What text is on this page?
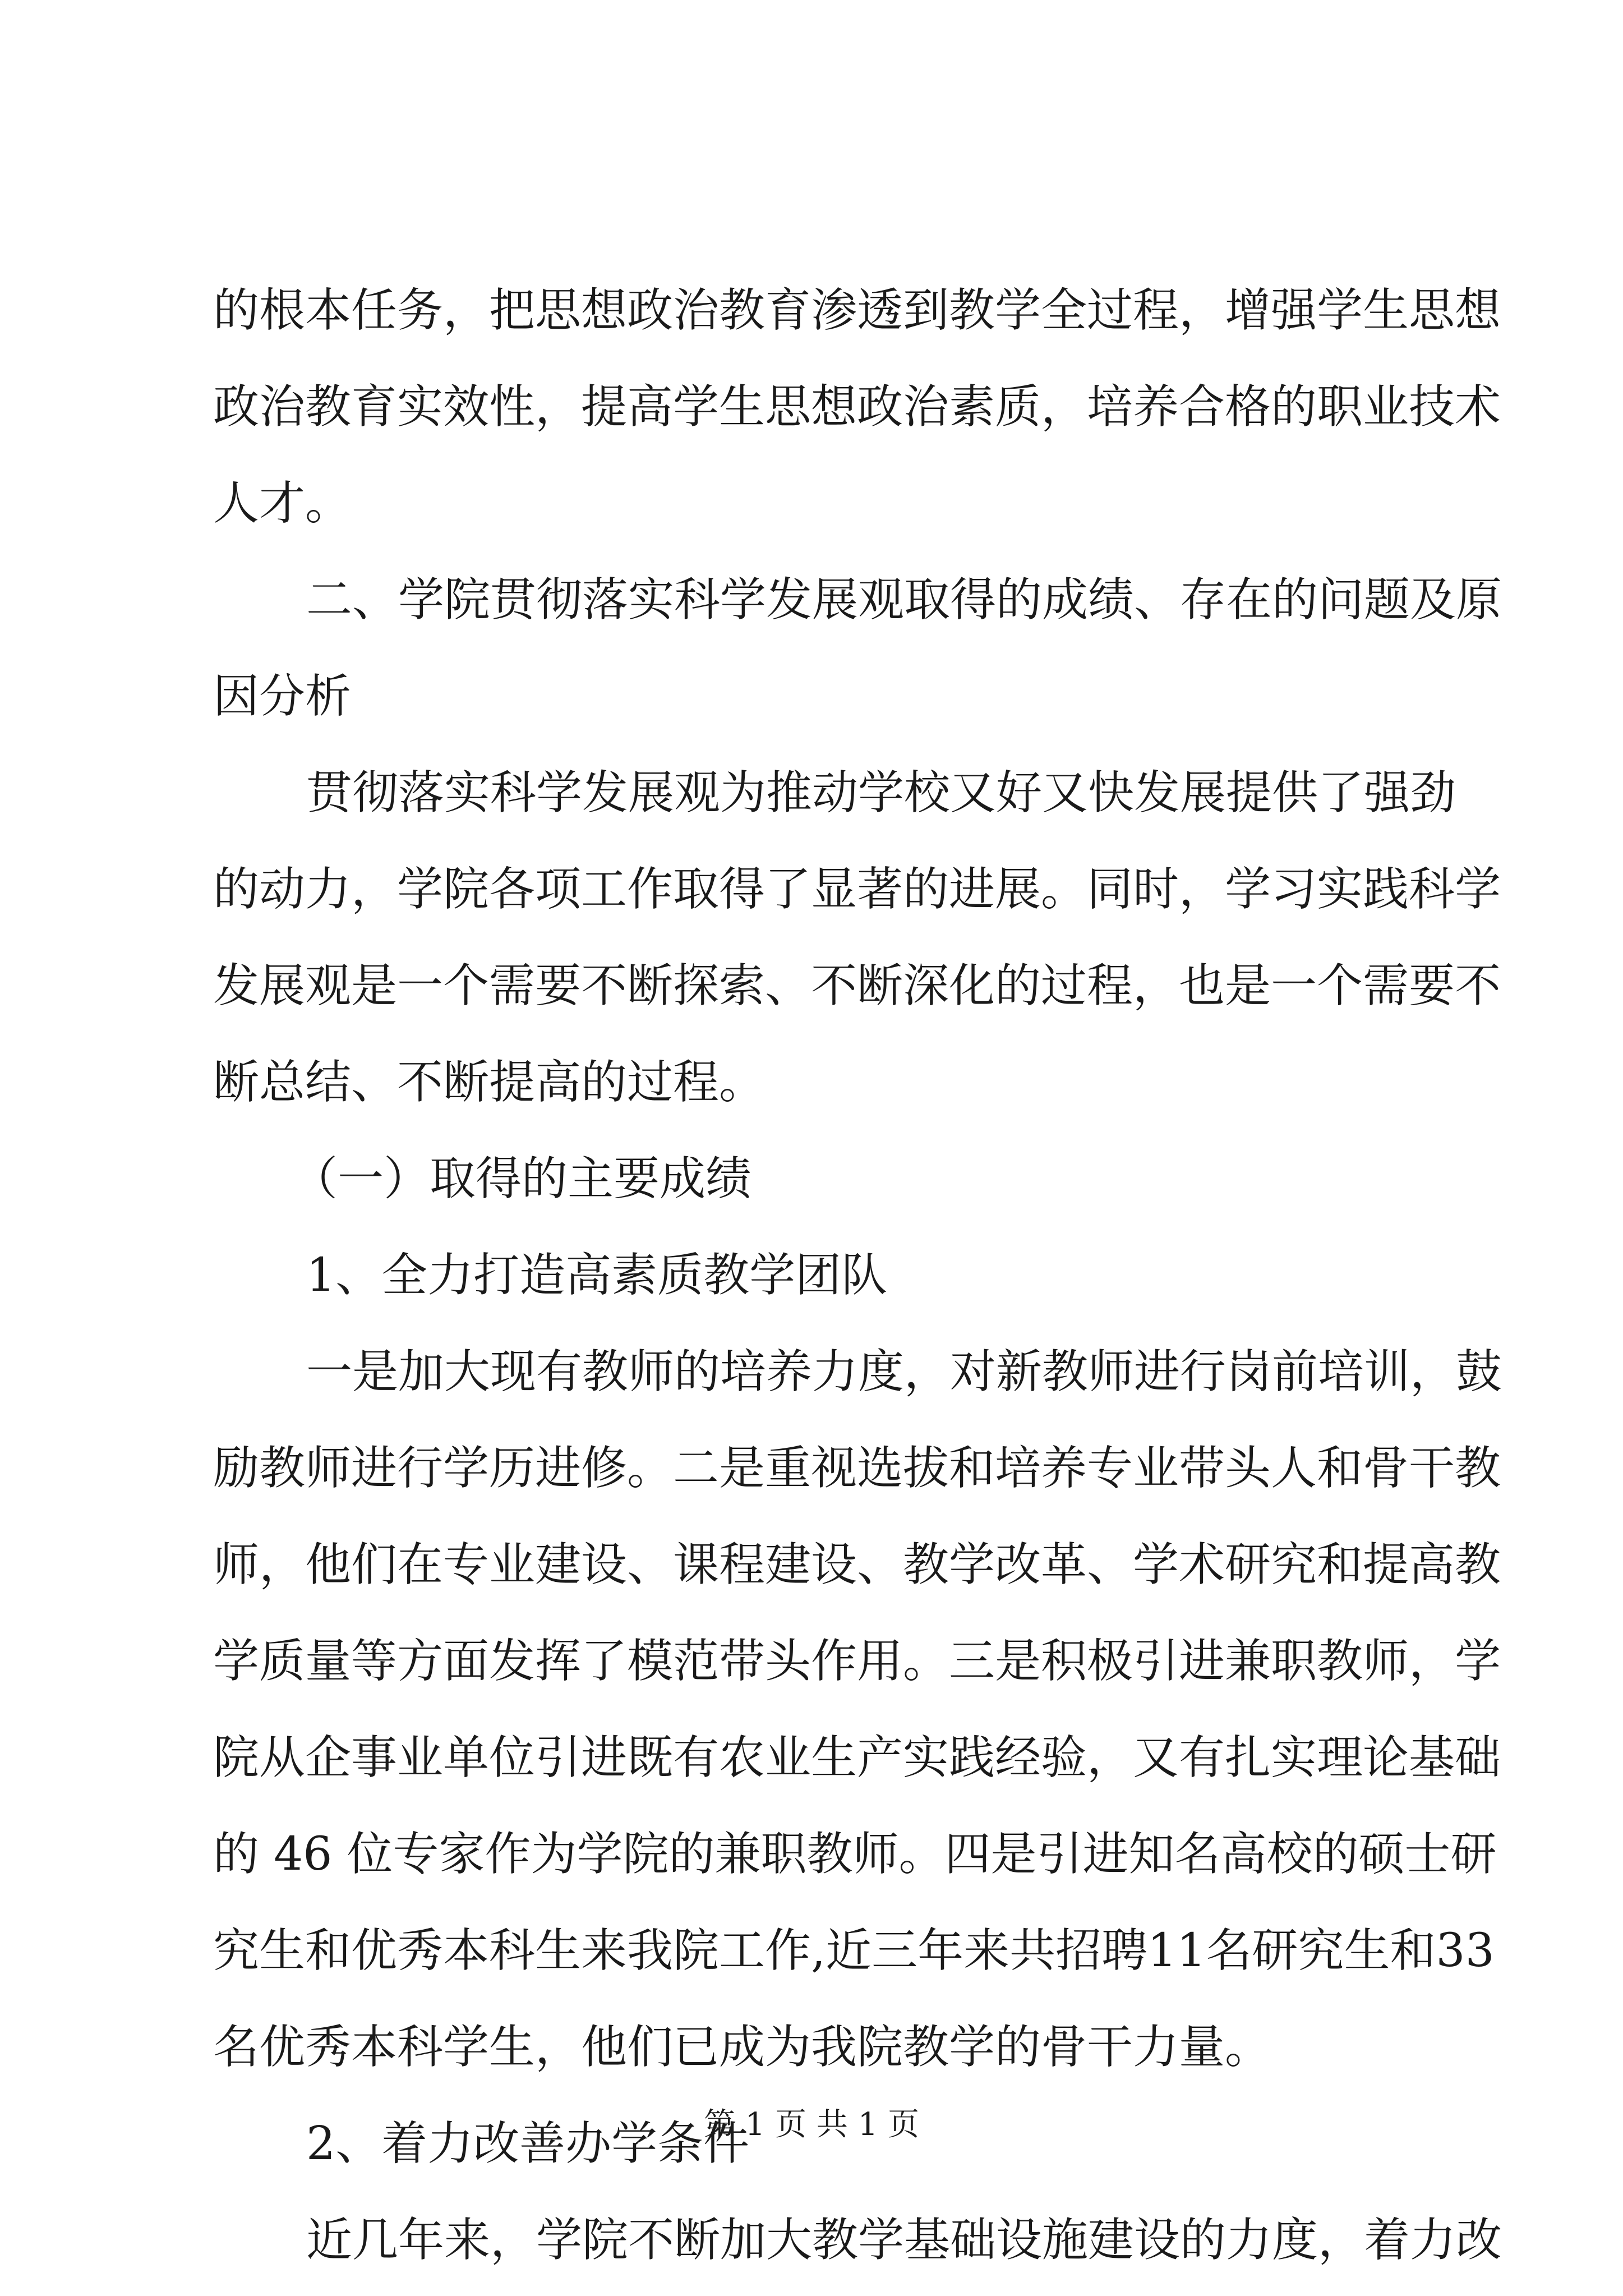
的根本任务，把思想政治教育渗透到教学全过程，增强学生思想
政治教育实效性，提高学生思想政治素质，培养合格的职业技术
人才。
二、学院贯彻落实科学发展观取得的成绩、存在的问题及原
因分析
贯彻落实科学发展观为推动学校又好又快发展提供了强劲
的动力，学院各项工作取得了显著的进展。同时，学习实践科学
发展观是一个需要不断探索、不断深化的过程，也是一个需要不
断总结、不断提高的过程。
（一）取得的主要成绩
1、全力打造高素质教学团队
一是加大现有教师的培养力度，对新教师进行岗前培训，鼓
励教师进行学历进修。二是重视选拔和培养专业带头人和骨干教
师，他们在专业建设、课程建设、教学改革、学术研究和提高教
学质量等方面发挥了模范带头作用。三是积极引进兼职教师，学
院从企事业单位引进既有农业生产实践经验，又有扎实理论基础
的 46 位专家作为学院的兼职教师。四是引进知名高校的硕士研
究生和优秀本科生来我院工作,近三年来共招聘11名研究生和33
名优秀本科学生，他们已成为我院教学的骨干力量。
2、着力改善办学条件
近几年来，学院不断加大教学基础设施建设的力度，着力改
第 1 页 共 1 页
